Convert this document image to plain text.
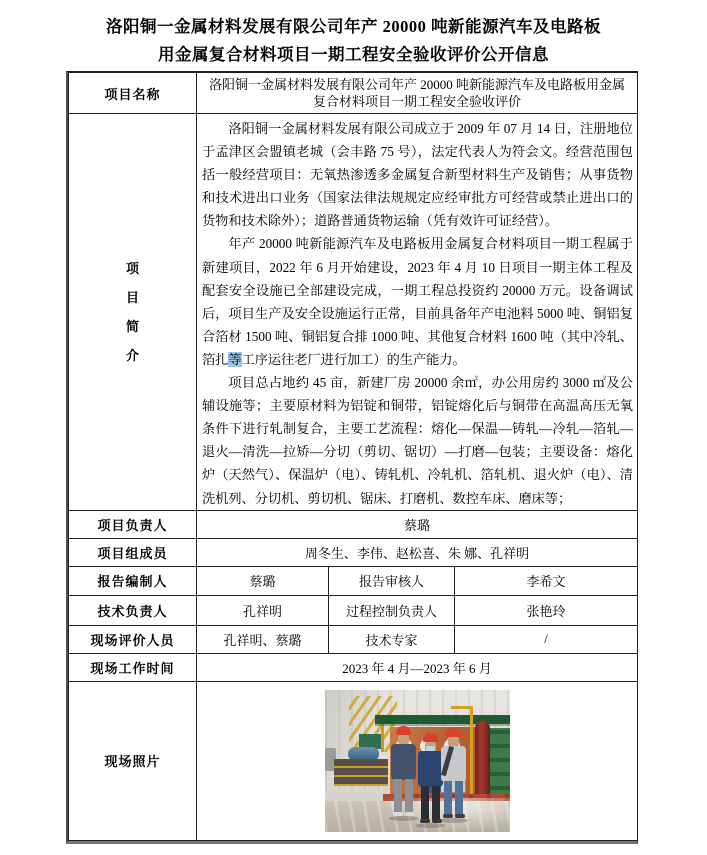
洛阳铜一金属材料发展有限公司年产 20000 吨新能源汽车及电路板
用金属复合材料项目一期工程安全验收评价公开信息
项目名称	洛阳铜一金属材料发展有限公司年产 20000 吨新能源汽车及电路板用金属复合材料项目一期工程安全验收评价		

项目简介	洛阳铜一金属材料发展有限公司成立于 2009 年 07 月 14 日，注册地位于孟津区会盟镇老城（会丰路 75 号），法定代表人为符会文。经营范围包括一般经营项目：无氧热渗透多金属复合新型材料生产及销售；从事货物和技术进出口业务（国家法律法规规定应经审批方可经营或禁止进出口的货物和技术除外）；道路普通货物运输（凭有效许可证经营）。

年产 20000 吨新能源汽车及电路板用金属复合材料项目一期工程属于新建项目，2022 年 6 月开始建设，2023 年 4 月 10 日项目一期主体工程及配套安全设施已全部建设完成，一期工程总投资约 20000 万元。设备调试后，项目生产及安全设施运行正常，目前具备年产电池料 5000 吨、铜铝复合箔材 1500 吨、铜铝复合排 1000 吨、其他复合材料 1600 吨（其中冷轧、箔扎等工序运往老厂进行加工）的生产能力。

项目总占地约 45 亩，新建厂房 20000 余㎡，办公用房约 3000 ㎡及公辅设施等；主要原材料为铝锭和铜带，铝锭熔化后与铜带在高温高压无氧条件下进行轧制复合，主要工艺流程：熔化—保温—铸轧—冷轧—箔轧—退火—清洗—拉矫—分切（剪切、锯切）—打磨—包装；主要设备：熔化炉（天然气）、保温炉（电）、铸轧机、冷轧机、箔轧机、退火炉（电）、清洗机列、分切机、剪切机、锯床、打磨机、数控车床、磨床等；		

项目负责人	蔡璐		
项目组成员	周冬生、李伟、赵松喜、朱 娜、孔祥明		
报告编制人	蔡璐	报告审核人	李希文
技术负责人	孔祥明	过程控制负责人	张艳玲
现场评价人员	孔祥明、蔡璐	技术专家	/
现场工作时间	2023 年 4 月—2023 年 6 月		
现场照片			
